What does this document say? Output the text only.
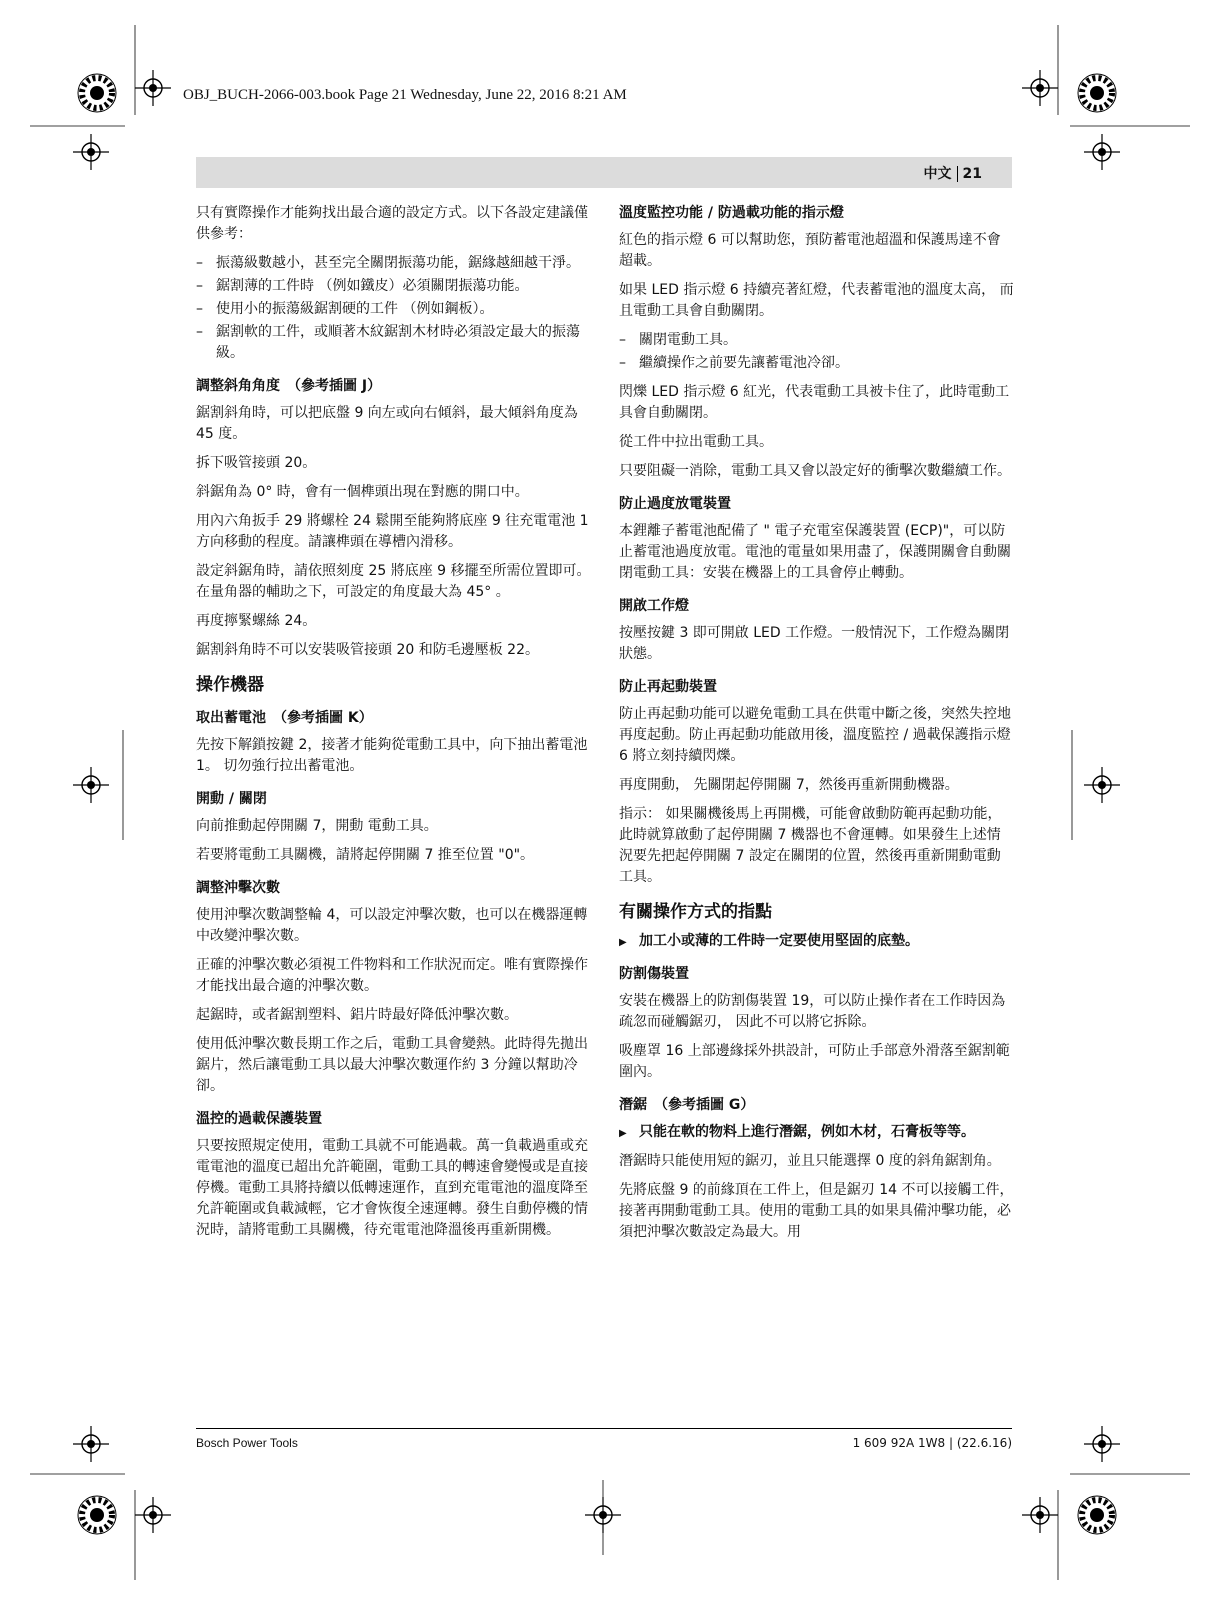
OBJ_BUCH-2066-003.book Page 21 Wednesday, June 22, 2016 8:21 AM
中文 21

只有實際操作才能夠找出最合適的設定方式。以下各設定建議僅供參考：

– 振蕩級數越小，甚至完全關閉振蕩功能，鋸緣越細越干淨。
– 鋸割薄的工件時 （例如鐵皮）必須關閉振蕩功能。
– 使用小的振蕩級鋸割硬的工件 （例如鋼板）。
– 鋸割軟的工件，或順著木紋鋸割木材時必須設定最大的振蕩級。
調整斜角角度　（參考插圖 J）

鋸割斜角時，可以把底盤 9 向左或向右傾斜，最大傾斜角度為 45 度。

拆下吸管接頭 20。

斜鋸角為 0° 時，會有一個榫頭出現在對應的開口中。

用內六角扳手 29 將螺栓 24 鬆開至能夠將底座 9 往充電電池 1 方向移動的程度。請讓榫頭在導槽內滑移。

設定斜鋸角時，請依照刻度 25 將底座 9 移擺至所需位置即可。在量角器的輔助之下，可設定的角度最大為 45° 。

再度擰緊螺絲 24。

鋸割斜角時不可以安裝吸管接頭 20 和防毛邊壓板 22。

操作機器
取出蓄電池　（參考插圖 K）

先按下解鎖按鍵 2，接著才能夠從電動工具中，向下抽出蓄電池 1。 切勿強行拉出蓄電池。

開動 / 關閉

向前推動起停開關 7，開動 電動工具。

若要將電動工具關機，請將起停開關 7 推至位置 "0"。

調整沖擊次數

使用沖擊次數調整輪 4，可以設定沖擊次數，也可以在機器運轉中改變沖擊次數。

正確的沖擊次數必須視工件物料和工作狀況而定。唯有實際操作才能找出最合適的沖擊次數。

起鋸時，或者鋸割塑料、鋁片時最好降低沖擊次數。

使用低沖擊次數長期工作之后，電動工具會變熱。此時得先拋出鋸片，然后讓電動工具以最大沖擊次數運作約 3 分鐘以幫助冷卻。

溫控的過載保護裝置

只要按照規定使用，電動工具就不可能過載。萬一負載過重或充電電池的溫度已超出允許範圍，電動工具的轉速會變慢或是直接停機。電動工具將持續以低轉速運作，直到充電電池的溫度降至允許範圍或負載減輕，它才會恢復全速運轉。發生自動停機的情況時，請將電動工具關機，待充電電池降溫後再重新開機。

溫度監控功能 / 防過載功能的指示燈

紅色的指示燈 6 可以幫助您，預防蓄電池超溫和保護馬達不會超載。

如果 LED 指示燈 6 持續亮著紅燈，代表蓄電池的溫度太高， 而且電動工具會自動關閉。

– 關閉電動工具。
– 繼續操作之前要先讓蓄電池冷卻。

閃爍 LED 指示燈 6 紅光，代表電動工具被卡住了，此時電動工具會自動關閉。

從工件中拉出電動工具。

只要阻礙一消除，電動工具又會以設定好的衝擊次數繼續工作。

防止過度放電裝置

本鋰離子蓄電池配備了 " 電子充電室保護裝置 (ECP)"，可以防止蓄電池過度放電。電池的電量如果用盡了，保護開關會自動關閉電動工具：安裝在機器上的工具會停止轉動。

開啟工作燈

按壓按鍵 3 即可開啟 LED 工作燈。一般情況下，工作燈為關閉狀態。

防止再起動裝置

防止再起動功能可以避免電動工具在供電中斷之後，突然失控地再度起動。防止再起動功能啟用後，溫度監控 / 過載保護指示燈 6 將立刻持續閃爍。

再度開動， 先關閉起停開關 7，然後再重新開動機器。

指示： 如果關機後馬上再開機，可能會啟動防範再起動功能，此時就算啟動了起停開關 7 機器也不會運轉。如果發生上述情況要先把起停開關 7 設定在關閉的位置，然後再重新開動電動工具。

有關操作方式的指點
▶ 加工小或薄的工件時一定要使用堅固的底墊。
防割傷裝置

安裝在機器上的防割傷裝置 19，可以防止操作者在工作時因為疏忽而碰觸鋸刃， 因此不可以將它拆除。

吸塵罩 16 上部邊緣採外拱設計，可防止手部意外滑落至鋸割範圍內。

潛鋸　（參考插圖 G）
▶ 只能在軟的物料上進行潛鋸，例如木材，石膏板等等。

潛鋸時只能使用短的鋸刃，並且只能選擇 0 度的斜角鋸割角。

先將底盤 9 的前緣頂在工件上，但是鋸刃 14 不可以接觸工件，接著再開動電動工具。使用的電動工具的如果具備沖擊功能，必須把沖擊次數設定為最大。用

Bosch Power Tools	1 609 92A 1W8 | (22.6.16)
